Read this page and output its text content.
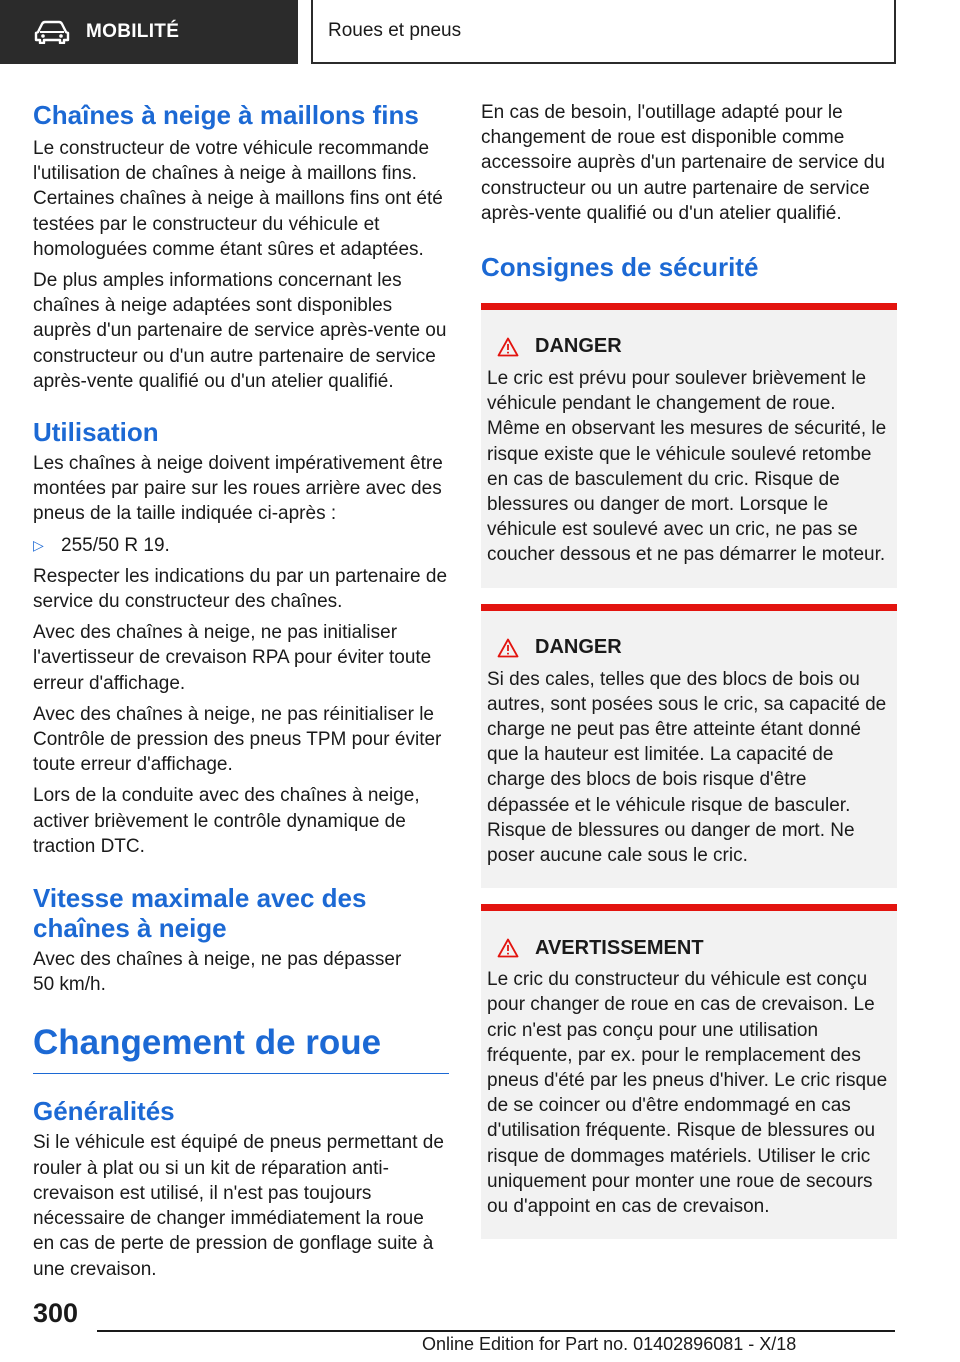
MOBILITÉ	Roues et pneus
Chaînes à neige à maillons fins

Le constructeur de votre véhicule recommande l'utilisation de chaînes à neige à maillons fins. Certaines chaînes à neige à maillons fins ont été testées par le constructeur du véhicule et homologuées comme étant sûres et adaptées.

De plus amples informations concernant les chaînes à neige adaptées sont disponibles auprès d'un partenaire de service après-vente ou constructeur ou d'un autre partenaire de service après-vente qualifié ou d'un atelier qualifié.

Utilisation

Les chaînes à neige doivent impérativement être montées par paire sur les roues arrière avec des pneus de la taille indiquée ci-après :

▷ 255/50 R 19.

Respecter les indications du par un partenaire de service du constructeur des chaînes.

Avec des chaînes à neige, ne pas initialiser l'avertisseur de crevaison RPA pour éviter toute erreur d'affichage.

Avec des chaînes à neige, ne pas réinitialiser le Contrôle de pression des pneus TPM pour éviter toute erreur d'affichage.

Lors de la conduite avec des chaînes à neige, activer brièvement le contrôle dynamique de traction DTC.

Vitesse maximale avec des chaînes à neige

Avec des chaînes à neige, ne pas dépasser 50 km/h.

Changement de roue
Généralités

Si le véhicule est équipé de pneus permettant de rouler à plat ou si un kit de réparation anti-crevaison est utilisé, il n'est pas toujours nécessaire de changer immédiatement la roue en cas de perte de pression de gonflage suite à une crevaison.

En cas de besoin, l'outillage adapté pour le changement de roue est disponible comme accessoire auprès d'un partenaire de service du constructeur ou un autre partenaire de service après-vente qualifié ou d'un atelier qualifié.

Consignes de sécurité
DANGER

Le cric est prévu pour soulever brièvement le véhicule pendant le changement de roue. Même en observant les mesures de sécurité, le risque existe que le véhicule soulevé retombe en cas de basculement du cric. Risque de blessures ou danger de mort. Lorsque le véhicule est soulevé avec un cric, ne pas se coucher dessous et ne pas démarrer le moteur.

DANGER

Si des cales, telles que des blocs de bois ou autres, sont posées sous le cric, sa capacité de charge ne peut pas être atteinte étant donné que la hauteur est limitée. La capacité de charge des blocs de bois risque d'être dépassée et le véhicule risque de basculer. Risque de blessures ou danger de mort. Ne poser aucune cale sous le cric.

AVERTISSEMENT

Le cric du constructeur du véhicule est conçu pour changer de roue en cas de crevaison. Le cric n'est pas conçu pour une utilisation fréquente, par ex. pour le remplacement des pneus d'été par les pneus d'hiver. Le cric risque de se coincer ou d'être endommagé en cas d'utilisation fréquente. Risque de blessures ou risque de dommages matériels. Utiliser le cric uniquement pour monter une roue de secours ou d'appoint en cas de crevaison.

300
Online Edition for Part no. 01402896081 - X/18
